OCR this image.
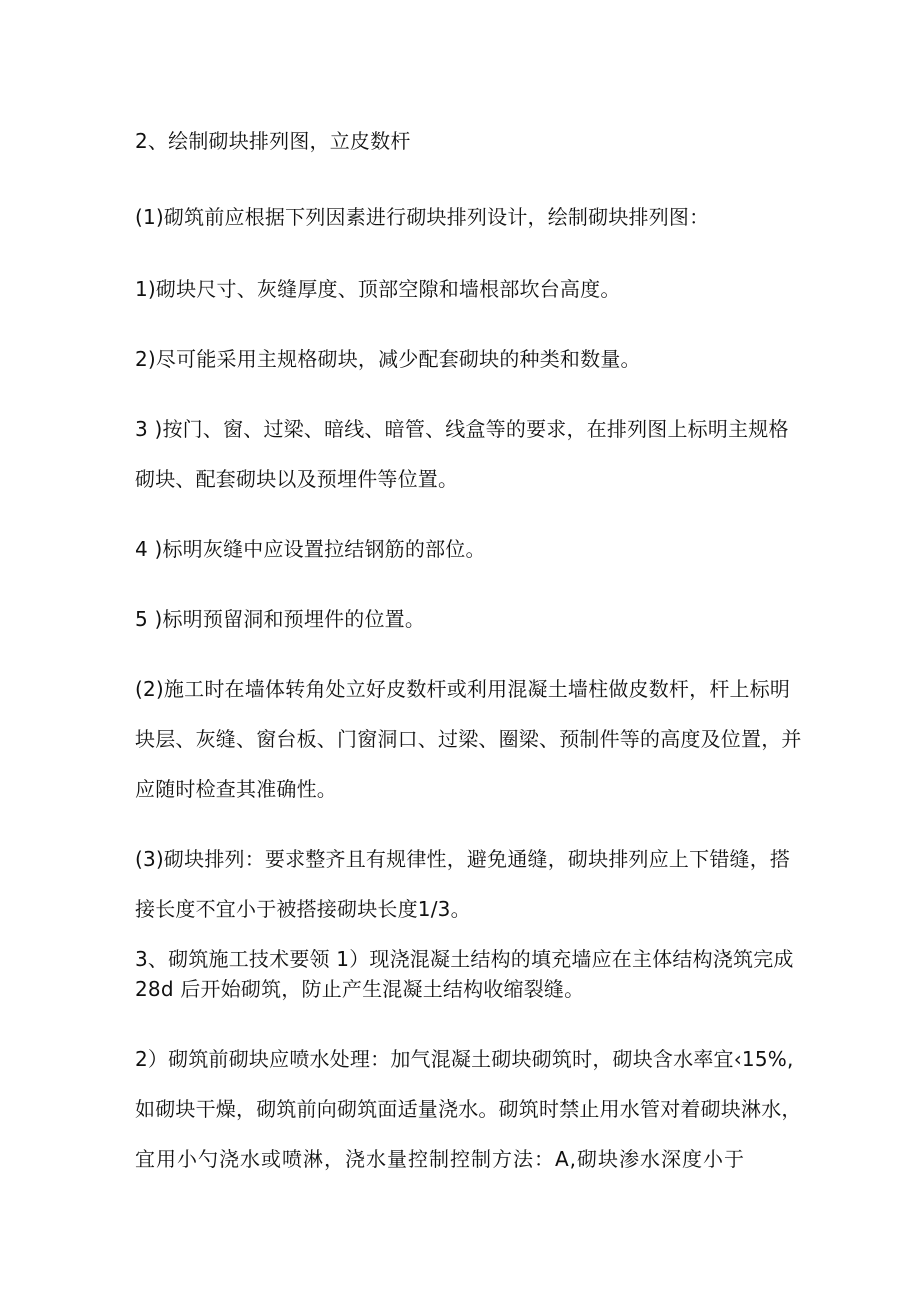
2、绘制砌块排列图，立皮数杆
(1)砌筑前应根据下列因素进行砌块排列设计，绘制砌块排列图：
1)砌块尺寸、灰缝厚度、顶部空隙和墙根部坎台高度。
2)尽可能采用主规格砌块，减少配套砌块的种类和数量。
3 )按门、窗、过梁、暗线、暗管、线盒等的要求，在排列图上标明主规格
砌块、配套砌块以及预埋件等位置。
4 )标明灰缝中应设置拉结钢筋的部位。
5 )标明预留洞和预埋件的位置。
(2)施工时在墙体转角处立好皮数杆或利用混凝土墙柱做皮数杆，杆上标明
块层、灰缝、窗台板、门窗洞口、过梁、圈梁、预制件等的高度及位置，并
应随时检查其准确性。
(3)砌块排列：要求整齐且有规律性，避免通缝，砌块排列应上下错缝，搭
接长度不宜小于被搭接砌块长度1/3。
3、砌筑施工技术要领 1）现浇混凝土结构的填充墙应在主体结构浇筑完成
28d 后开始砌筑，防止产生混凝土结构收缩裂缝。
2）砌筑前砌块应喷水处理：加气混凝土砌块砌筑时，砌块含水率宜‹15%,
如砌块干燥，砌筑前向砌筑面适量浇水。砌筑时禁止用水管对着砌块淋水，
宜用小勺浇水或喷淋，浇水量控制控制方法：A,砌块渗水深度小于
